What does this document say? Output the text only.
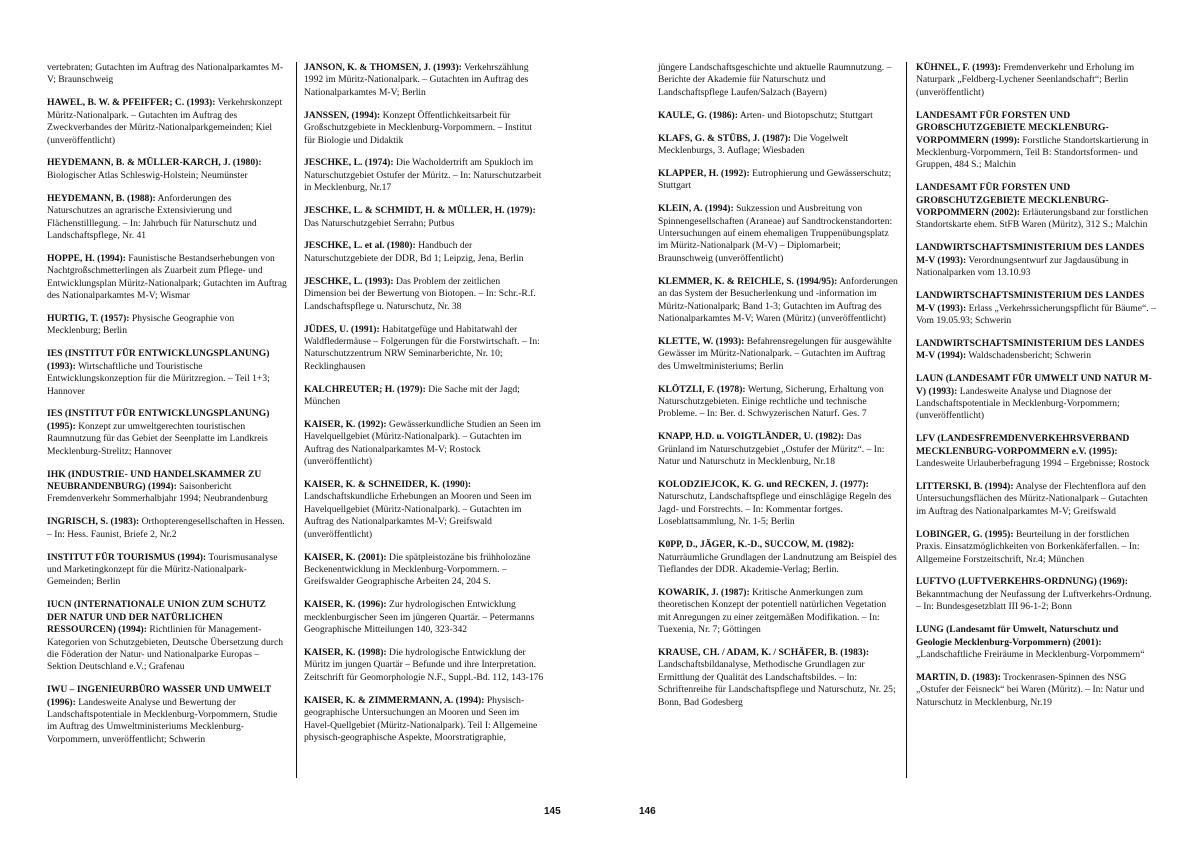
vertebraten; Gutachten im Auftrag des Nationalparkamtes M-V; Braunschweig
HAWEL, B. W. & PFEIFFER; C. (1993): Verkehrskonzept Müritz-Nationalpark. – Gutachten im Auftrag des Zweckverbandes der Müritz-Nationalparkgemeinden; Kiel (unveröffentlicht)
HEYDEMANN, B. & MÜLLER-KARCH, J. (1980): Biologischer Atlas Schleswig-Holstein; Neumünster
HEYDEMANN, B. (1988): Anforderungen des Naturschutzes an agrarische Extensivierung und Flächenstilllegung. – In: Jahrbuch für Naturschutz und Landschaftspflege, Nr. 41
HOPPE, H. (1994): Faunistische Bestandserhebungen von Nachtgroßschmetterlingen als Zuarbeit zum Pflege- und Entwicklungsplan Müritz-Nationalpark; Gutachten im Auftrag des Nationalparkamtes M-V; Wismar
HURTIG, T. (1957): Physische Geographie von Mecklenburg; Berlin
IES (INSTITUT FÜR ENTWICKLUNGSPLANUNG) (1993): Wirtschaftliche und Touristische Entwicklungskonzeption für die Müritzregion. – Teil 1+3; Hannover
IES (INSTITUT FÜR ENTWICKLUNGSPLANUNG) (1995): Konzept zur umweltgerechten touristischen Raumnutzung für das Gebiet der Seenplatte im Landkreis Mecklenburg-Strelitz; Hannover
IHK (INDUSTRIE- UND HANDELSKAMMER ZU NEUBRANDENBURG) (1994): Saisonbericht Fremdenverkehr Sommerhalbjahr 1994; Neubrandenburg
INGRISCH, S. (1983): Orthopterengesellschaften in Hessen. – In: Hess. Faunist, Briefe 2, Nr.2
INSTITUT FÜR TOURISMUS (1994): Tourismusanalyse und Marketingkonzept für die Müritz-Nationalpark-Gemeinden; Berlin
IUCN (INTERNATIONALE UNION ZUM SCHUTZ DER NATUR UND DER NATÜRLICHEN RESSOURCEN) (1994): Richtlinien für Management-Kategorien von Schutzgebieten, Deutsche Übersetzung durch die Föderation der Natur- und Nationalparke Europas – Sektion Deutschland e.V.; Grafenau
IWU – INGENIEURBÜRO WASSER UND UMWELT (1996): Landesweite Analyse und Bewertung der Landschaftspotentiale in Mecklenburg-Vorpommern, Studie im Auftrag des Umweltministeriums Mecklenburg-Vorpommern, unveröffentlicht; Schwerin
JANSON, K. & THOMSEN, J. (1993): Verkehrszählung 1992 im Müritz-Nationalpark. – Gutachten im Auftrag des Nationalparkamtes M-V; Berlin
JANSSEN, (1994): Konzept Öffentlichkeitsarbeit für Großschutzgebiete in Mecklenburg-Vorpommern. – Institut für Biologie und Didaktik
JESCHKE, L. (1974): Die Wacholdertrift am Spukloch im Naturschutzgebiet Ostufer der Müritz. – In: Naturschutzarbeit in Mecklenburg, Nr.17
JESCHKE, L. & SCHMIDT, H. & MÜLLER, H. (1979): Das Naturschutzgebiet Serrahn; Putbus
JESCHKE, L. et al. (1980): Handbuch der Naturschutzgebiete der DDR, Bd 1; Leipzig, Jena, Berlin
JESCHKE, L. (1993): Das Problem der zeitlichen Dimension bei der Bewertung von Biotopen. – In: Schr.-R.f. Landschaftspflege u. Naturschutz, Nr. 38
JÜDES, U. (1991): Habitatgefüge und Habitatwahl der Waldfledermäuse – Folgerungen für die Forstwirtschaft. – In: Naturschutzzentrum NRW Seminarberichte, Nr. 10; Recklinghausen
KALCHREUTER; H. (1979): Die Sache mit der Jagd; München
KAISER, K. (1992): Gewässerkundliche Studien an Seen im Havelquellgebiet (Müritz-Nationalpark). – Gutachten im Auftrag des Nationalparkamtes M-V; Rostock (unveröffentlicht)
KAISER, K. & SCHNEIDER, K. (1990): Landschaftskundliche Erhebungen an Mooren und Seen im Havelquellgebiet (Müritz-Nationalpark). – Gutachten im Auftrag des Nationalparkamtes M-V; Greifswald (unveröffentlicht)
KAISER, K. (2001): Die spätpleistozäne bis frühholozäne Beckenentwicklung in Mecklenburg-Vorpommern. – Greifswalder Geographische Arbeiten 24, 204 S.
KAISER, K. (1996): Zur hydrologischen Entwicklung mecklenburgischer Seen im jüngeren Quartär. – Petermanns Geographische Mitteilungen 140, 323-342
KAISER, K. (1998): Die hydrologische Entwicklung der Müritz im jungen Quartär – Befunde und ihre Interpretation. Zeitschrift für Geomorphologie N.F., Suppl.-Bd. 112, 143-176
KAISER, K. & ZIMMERMANN, A. (1994): Physisch-geographische Untersuchungen an Mooren und Seen im Havel-Quellgebiet (Müritz-Nationalpark). Teil I: Allgemeine physisch-geographische Aspekte, Moorstratigraphie,
jüngere Landschaftsgeschichte und aktuelle Raumnutzung. – Berichte der Akademie für Naturschutz und Landschaftspflege Laufen/Salzach (Bayern)
KAULE, G. (1986): Arten- und Biotopschutz; Stuttgart
KLAFS, G. & STÜBS, J. (1987): Die Vogelwelt Mecklenburgs, 3. Auflage; Wiesbaden
KLAPPER, H. (1992): Eutrophierung und Gewässerschutz; Stuttgart
KLEIN, A. (1994): Sukzession und Ausbreitung von Spinnengesellschaften (Araneae) auf Sandtrockenstandorten: Untersuchungen auf einem ehemaligen Truppenübungsplatz im Müritz-Nationalpark (M-V) – Diplomarbeit; Braunschweig (unveröffentlicht)
KLEMMER, K. & REICHLE, S. (1994/95): Anforderungen an das System der Besucherlenkung und -information im Müritz-Nationalpark; Band 1-3; Gutachten im Auftrag des Nationalparkamtes M-V; Waren (Müritz) (unveröffentlicht)
KLETTE, W. (1993): Befahrensregelungen für ausgewählte Gewässer im Müritz-Nationalpark. – Gutachten im Auftrag des Umweltministeriums; Berlin
KLÖTZLI, F. (1978): Wertung, Sicherung, Erhaltung von Naturschutzgebieten. Einige rechtliche und technische Probleme. – In: Ber. d. Schwyzerischen Naturf. Ges. 7
KNAPP, H.D. u. VOIGTLÄNDER, U. (1982): Das Grünland im Naturschutzgebiet „Ostufer der Müritz“. – In: Natur und Naturschutz in Mecklenburg, Nr.18
KOLODZIEJCOK, K. G. und RECKEN, J. (1977): Naturschutz, Landschaftspflege und einschlägige Regeln des Jagd- und Forstrechts. – In: Kommentar fortges. Loseblattsammlung, Nr. 1-5; Berlin
K0PP, D., JÄGER, K.-D., SUCCOW, M. (1982): Naturräumliche Grundlagen der Landnutzung am Beispiel des Tieflandes der DDR. Akademie-Verlag; Berlin.
KOWARIK, J. (1987): Kritische Anmerkungen zum theoretischen Konzept der potentiell natürlichen Vegetation mit Anregungen zu einer zeitgemäßen Modifikation. – In: Tuexenia, Nr. 7; Göttingen
KRAUSE, CH. / ADAM, K. / SCHÄFER, B. (1983): Landschaftsbildanalyse, Methodische Grundlagen zur Ermittlung der Qualität des Landschaftsbildes. – In: Schriftenreihe für Landschaftspflege und Naturschutz, Nr. 25; Bonn, Bad Godesberg
KÜHNEL, F. (1993): Fremdenverkehr und Erholung im Naturpark „Feldberg-Lychener Seenlandschaft“; Berlin (unveröffentlicht)
LANDESAMT FÜR FORSTEN UND GROßSCHUTZGEBIETE MECKLENBURG-VORPOMMERN (1999): Forstliche Standortskartierung in Mecklenburg-Vorpommern, Teil B: Standortsformen- und Gruppen, 484 S.; Malchin
LANDESAMT FÜR FORSTEN UND GROßSCHUTZGEBIETE MECKLENBURG-VORPOMMERN (2002): Erläuterungsband zur forstlichen Standortskarte ehem. StFB Waren (Müritz), 312 S.; Malchin
LANDWIRTSCHAFTSMINISTERIUM DES LANDES M-V (1993): Verordnungsentwurf zur Jagdausübung in Nationalparken vom 13.10.93
LANDWIRTSCHAFTSMINISTERIUM DES LANDES M-V (1993): Erlass „Verkehrssicherungspflicht für Bäume“. – Vom 19.05.93; Schwerin
LANDWIRTSCHAFTSMINISTERIUM DES LANDES M-V (1994): Waldschadensbericht; Schwerin
LAUN (LANDESAMT FÜR UMWELT UND NATUR M-V) (1993): Landesweite Analyse und Diagnose der Landschaftspotentiale in Mecklenburg-Vorpommern; (unveröffentlicht)
LFV (LANDESFREMDENVERKEHRSVERBAND MECKLENBURG-VORPOMMERN e.V. (1995): Landesweite Urlauberbefragung 1994 – Ergebnisse; Rostock
LITTERSKI, B. (1994): Analyse der Flechtenflora auf den Untersuchungsflächen des Müritz-Nationalpark – Gutachten im Auftrag des Nationalparkamtes M-V; Greifswald
LOBINGER, G. (1995): Beurteilung in der forstlichen Praxis. Einsatzmöglichkeiten von Borkenkäferfallen. – In: Allgemeine Forstzeitschrift, Nr.4; München
LUFTVO (LUFTVERKEHRS-ORDNUNG) (1969): Bekanntmachung der Neufassung der Luftverkehrs-Ordnung. – In: Bundesgesetzblatt III 96-1-2; Bonn
LUNG (Landesamt für Umwelt, Naturschutz und Geologie Mecklenburg-Vorpommern) (2001): „Landschaftliche Freiräume in Mecklenburg-Vorpommern“
MARTIN, D. (1983): Trockenrasen-Spinnen des NSG „Ostufer der Feisneck“ bei Waren (Müritz). – In: Natur und Naturschutz in Mecklenburg, Nr.19
145	146
